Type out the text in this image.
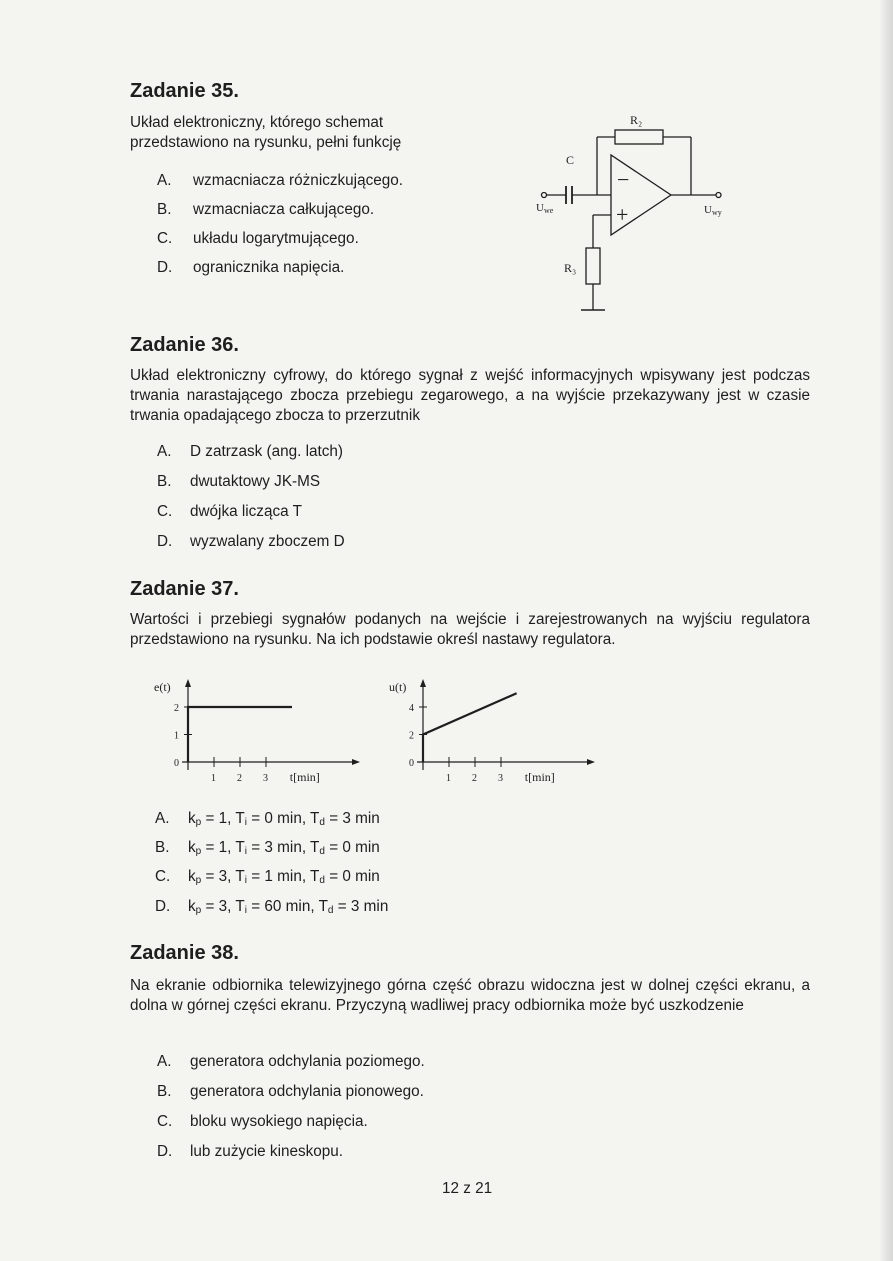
Zadanie 35.

Układ elektroniczny, którego schemat
przedstawiono na rysunku, pełni funkcję

A. wzmacniacza różniczkującego.
B. wzmacniacza całkującego.
C. układu logarytmującego.
D. ogranicznika napięcia.
R₂
C
R₃
−
+
Uwe	Uwy
Zadanie 36.

Układ elektroniczny cyfrowy, do którego sygnał z wejść informacyjnych wpisywany jest podczas trwania narastającego zbocza przebiegu zegarowego, a na wyjście przekazywany jest w czasie trwania opadającego zbocza to przerzutnik

A. D zatrzask (ang. latch)
B. dwutaktowy JK-MS
C. dwójka licząca T
D. wyzwalany zboczem D
Zadanie 37.

Wartości i przebiegi sygnałów podanych na wejście i zarejestrowanych na wyjściu regulatora przedstawiono na rysunku. Na ich podstawie określ nastawy regulatora.

e(t)
t[min]
1 2 3
0
1
2
u(t)
t[min]
1 2 3
0
2
4
A. $k_p = 1$, $T_i = 0$ min, $T_d = 3$ min
B. $k_p = 1$, $T_i = 3$ min, $T_d = 0$ min
C. $k_p = 3$, $T_i = 1$ min, $T_d = 0$ min
D. $k_p = 3$, $T_i = 60$ min, $T_d = 3$ min
Zadanie 38.

Na ekranie odbiornika telewizyjnego górna część obrazu widoczna jest w dolnej części ekranu, a dolna w górnej części ekranu. Przyczyną wadliwej pracy odbiornika może być uszkodzenie

A. generatora odchylania poziomego.
B. generatora odchylania pionowego.
C. bloku wysokiego napięcia.
D. lub zużycie kineskopu.
12 z 21
